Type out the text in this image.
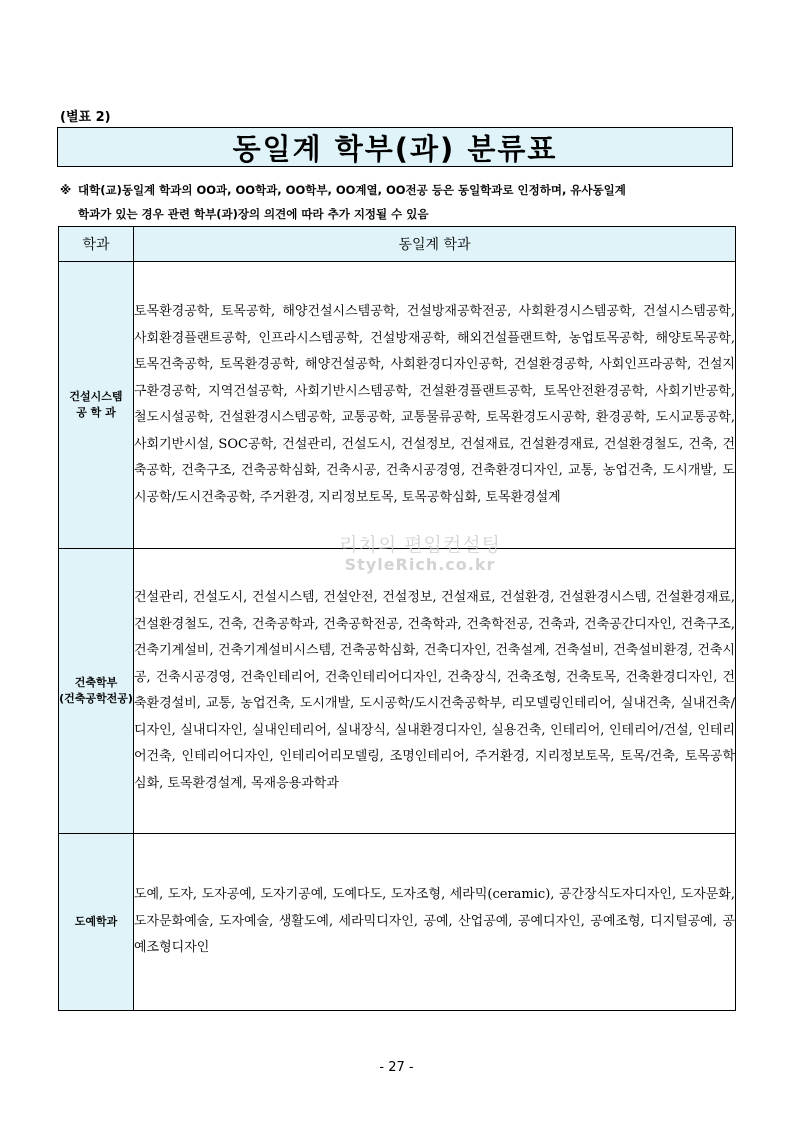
(별표 2)
동일계 학부(과) 분류표
※ 대학(교)동일계 학과의 OO과, OO학과, OO학부, OO계열, OO전공 등은 동일학과로 인정하며, 유사동일계
학과가 있는 경우 관련 학부(과)장의 의견에 따라 추가 지정될 수 있음
학과	동일계 학과

건설시스템
공 학 과	토목환경공학, 토목공학, 해양건설시스템공학, 건설방재공학전공, 사회환경시스템공학, 건설시스템공학, 사회환경플랜트공학, 인프라시스템공학, 건설방재공학, 해외건설플랜트학, 농업토목공학, 해양토목공학, 토목건축공학, 토목환경공학, 해양건설공학, 사회환경디자인공학, 건설환경공학, 사회인프라공학, 건설지구환경공학, 지역건설공학, 사회기반시스템공학, 건설환경플랜트공학, 토목안전환경공학, 사회기반공학, 철도시설공학, 건설환경시스템공학, 교통공학, 교통물류공학, 토목환경도시공학, 환경공학, 도시교통공학, 사회기반시설, SOC공학, 건설관리, 건설도시, 건설정보, 건설재료, 건설환경재료, 건설환경철도, 건축, 건축공학, 건축구조, 건축공학심화, 건축시공, 건축시공경영, 건축환경디자인, 교통, 농업건축, 도시개발, 도시공학/도시건축공학, 주거환경, 지리정보토목, 토목공학심화, 토목환경설계

건축학부
(건축공학전공)	건설관리, 건설도시, 건설시스템, 건설안전, 건설정보, 건설재료, 건설환경, 건설환경시스템, 건설환경재료, 건설환경철도, 건축, 건축공학과, 건축공학전공, 건축학과, 건축학전공, 건축과, 건축공간디자인, 건축구조, 건축기계설비, 건축기계설비시스템, 건축공학심화, 건축디자인, 건축설계, 건축설비, 건축설비환경, 건축시공, 건축시공경영, 건축인테리어, 건축인테리어디자인, 건축장식, 건축조형, 건축토목, 건축환경디자인, 건축환경설비, 교통, 농업건축, 도시개발, 도시공학/도시건축공학부, 리모델링인테리어, 실내건축, 실내건축/디자인, 실내디자인, 실내인테리어, 실내장식, 실내환경디자인, 실용건축, 인테리어, 인테리어/건설, 인테리어건축, 인테리어디자인, 인테리어리모델링, 조명인테리어, 주거환경, 지리정보토목, 토목/건축, 토목공학심화, 토목환경설계, 목재응용과학과

도예학과	도예, 도자, 도자공예, 도자기공예, 도예다도, 도자조형, 세라믹(ceramic), 공간장식도자디자인, 도자문화, 도자문화예술, 도자예술, 생활도예, 세라믹디자인, 공예, 산업공예, 공예디자인, 공예조형, 디지털공예, 공예조형디자인
리치의 편입컨설팅
StyleRich.co.kr
- 27 -
